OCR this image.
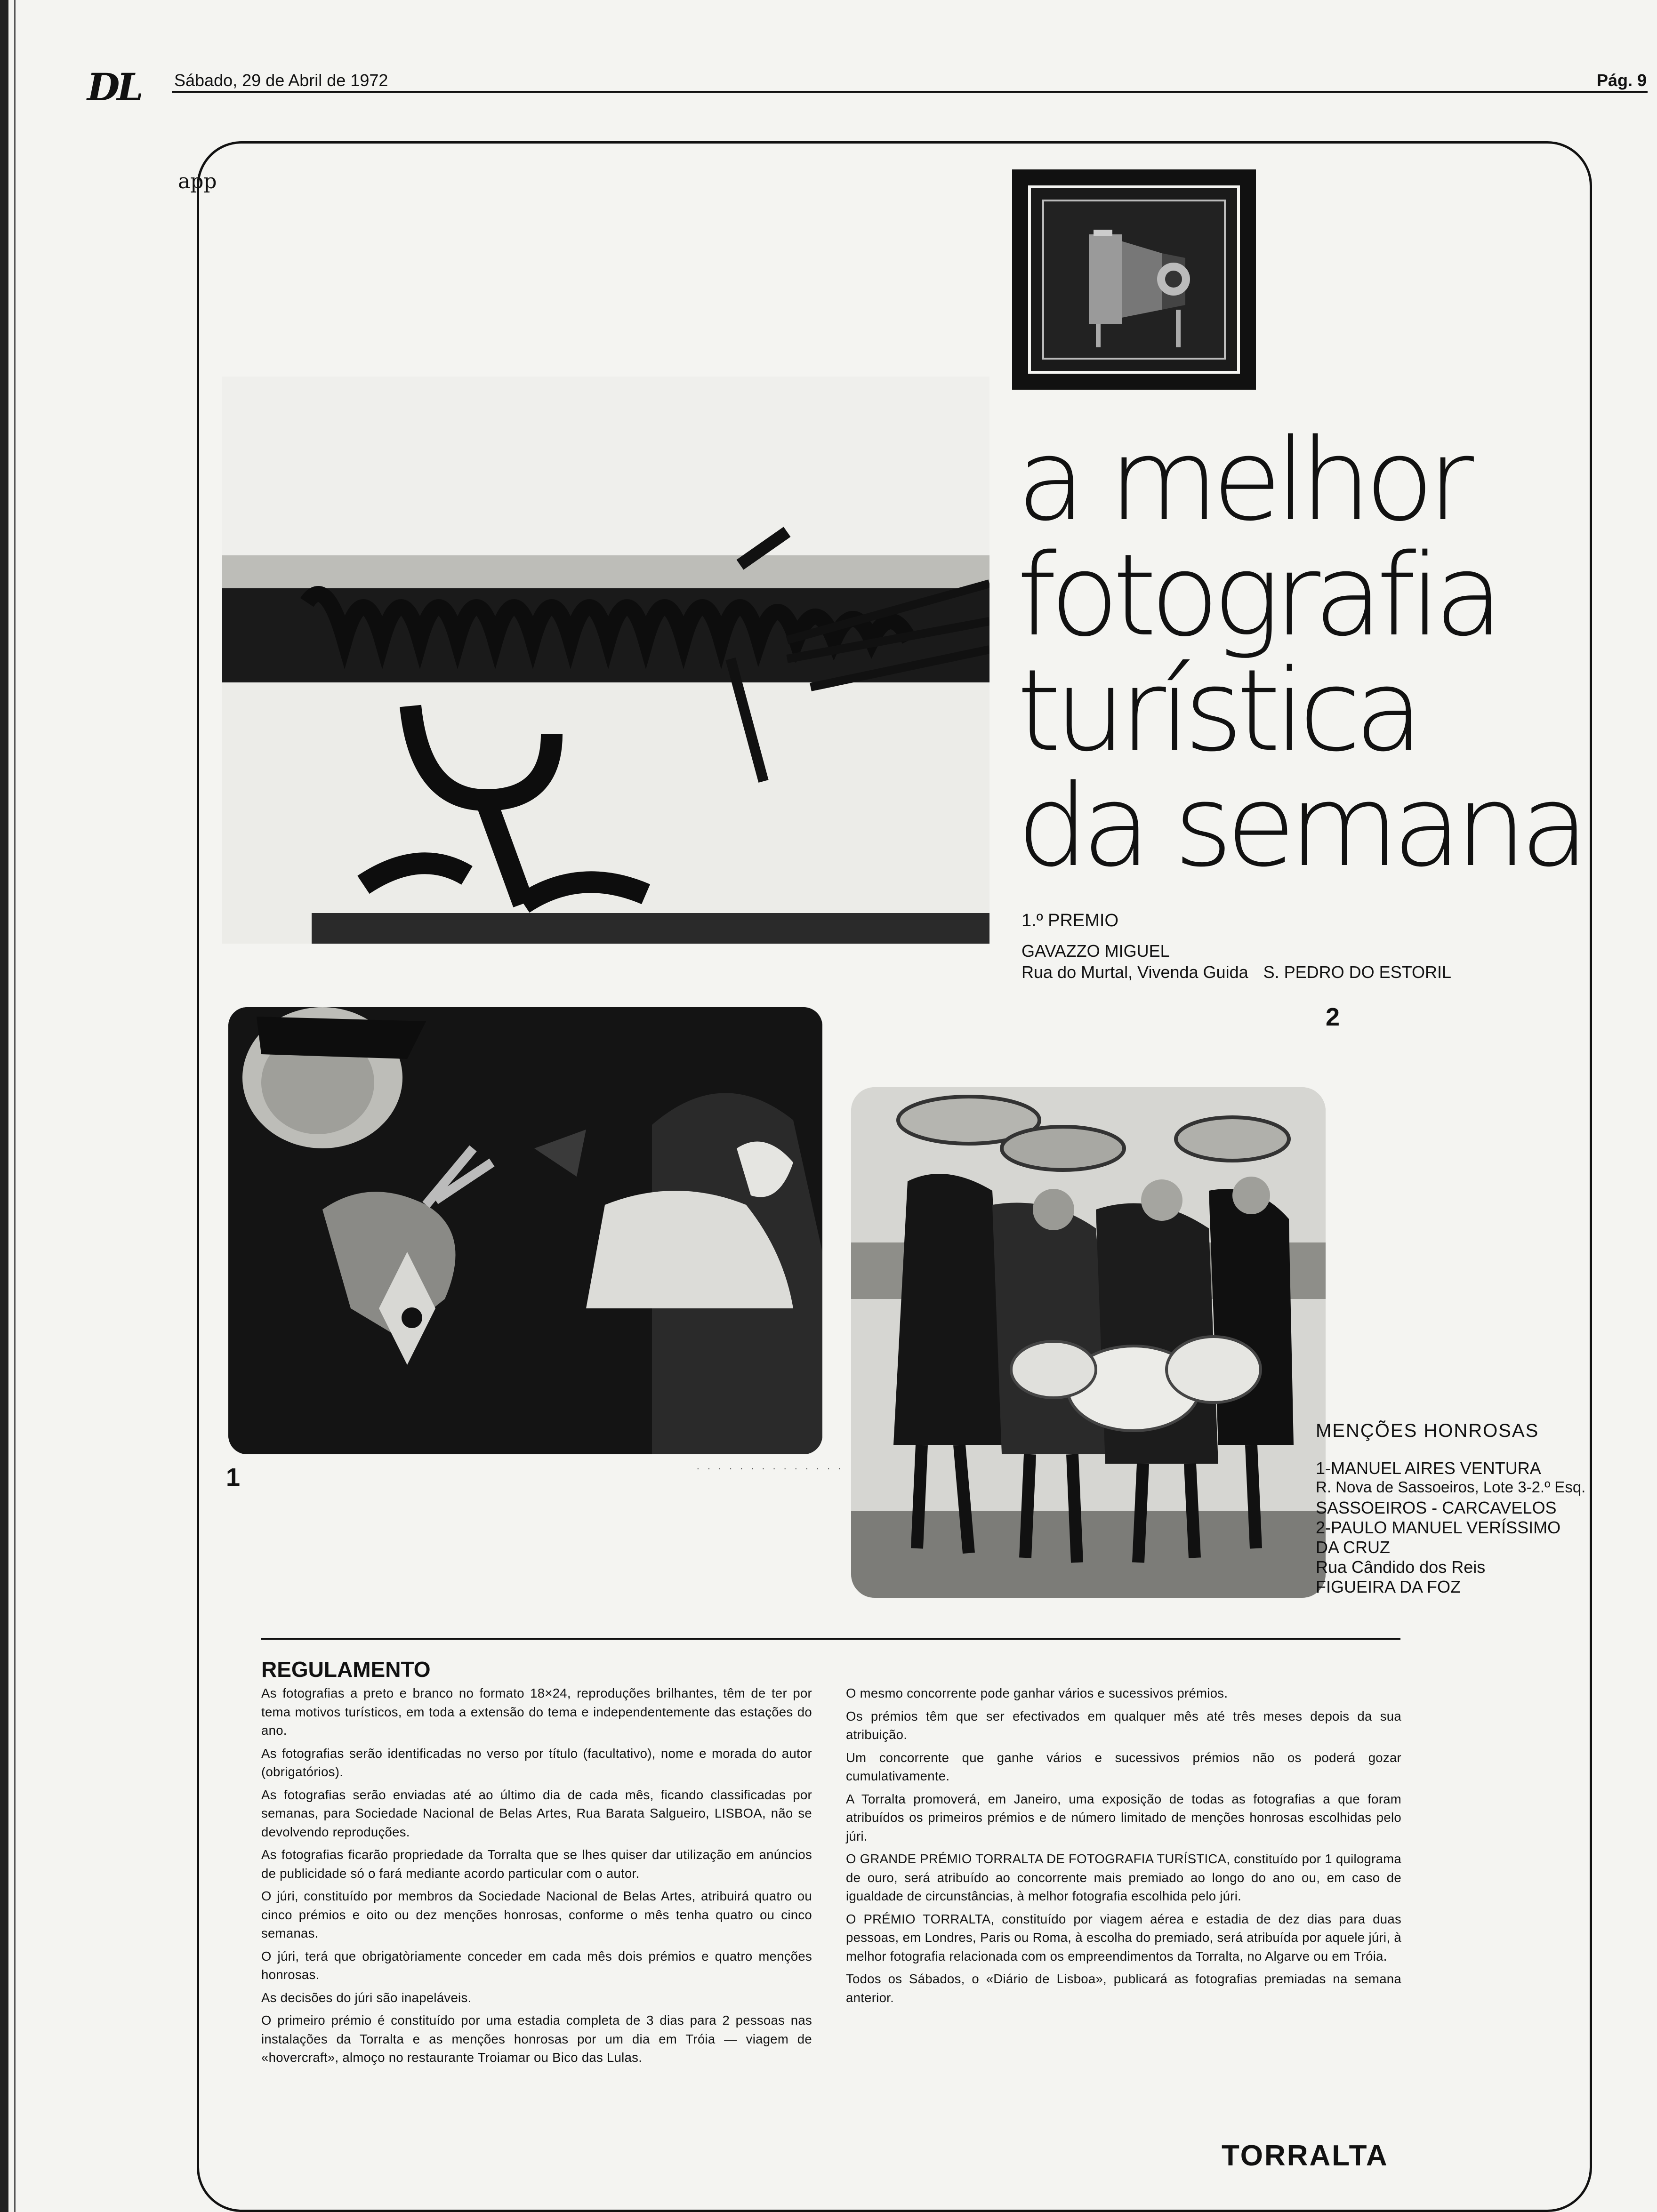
DL Sábado, 29 de Abril de 1972	Pág. 9
app
a melhor
fotografia
turística
da semana
1.º PREMIO
GAVAZZO MIGUEL
Rua do Murtal, Vivenda Guida S. PEDRO DO ESTORIL
1	. . . . . . . . . . . . . .
2
MENÇÕES HONROSAS
1-MANUEL AIRES VENTURA
R. Nova de Sassoeiros, Lote 3-2.º Esq.
SASSOEIROS - CARCAVELOS
2-PAULO MANUEL VERÍSSIMO
DA CRUZ
Rua Cândido dos Reis
FIGUEIRA DA FOZ
REGULAMENTO

As fotografias a preto e branco no formato 18×24, reproduções brilhantes, têm de ter por tema motivos turísticos, em toda a extensão do tema e independentemente das estações do ano.

As fotografias serão identificadas no verso por título (facultativo), nome e morada do autor (obrigatórios).

As fotografias serão enviadas até ao último dia de cada mês, ficando classificadas por semanas, para Sociedade Nacional de Belas Artes, Rua Barata Salgueiro, LISBOA, não se devolvendo reproduções.

As fotografias ficarão propriedade da Torralta que se lhes quiser dar utilização em anúncios de publicidade só o fará mediante acordo particular com o autor.

O júri, constituído por membros da Sociedade Nacional de Belas Artes, atribuirá quatro ou cinco prémios e oito ou dez menções honrosas, conforme o mês tenha quatro ou cinco semanas.

O júri, terá que obrigatòriamente conceder em cada mês dois prémios e quatro menções honrosas.

As decisões do júri são inapeláveis.

O primeiro prémio é constituído por uma estadia completa de 3 dias para 2 pessoas nas instalações da Torralta e as menções honrosas por um dia em Tróia — viagem de «hovercraft», almoço no restaurante Troiamar ou Bico das Lulas.

O mesmo concorrente pode ganhar vários e sucessivos prémios.

Os prémios têm que ser efectivados em qualquer mês até três meses depois da sua atribuição.

Um concorrente que ganhe vários e sucessivos prémios não os poderá gozar cumulativamente.

A Torralta promoverá, em Janeiro, uma exposição de todas as fotografias a que foram atribuídos os primeiros prémios e de número limitado de menções honrosas escolhidas pelo júri.

O GRANDE PRÉMIO TORRALTA DE FOTOGRAFIA TURÍSTICA, constituído por 1 quilograma de ouro, será atribuído ao concorrente mais premiado ao longo do ano ou, em caso de igualdade de circunstâncias, à melhor fotografia escolhida pelo júri.

O PRÉMIO TORRALTA, constituído por viagem aérea e estadia de dez dias para duas pessoas, em Londres, Paris ou Roma, à escolha do premiado, será atribuída por aquele júri, à melhor fotografia relacionada com os empreendimentos da Torralta, no Algarve ou em Tróia.

Todos os Sábados, o «Diário de Lisboa», publicará as fotografias premiadas na semana anterior.

TORRALTA
